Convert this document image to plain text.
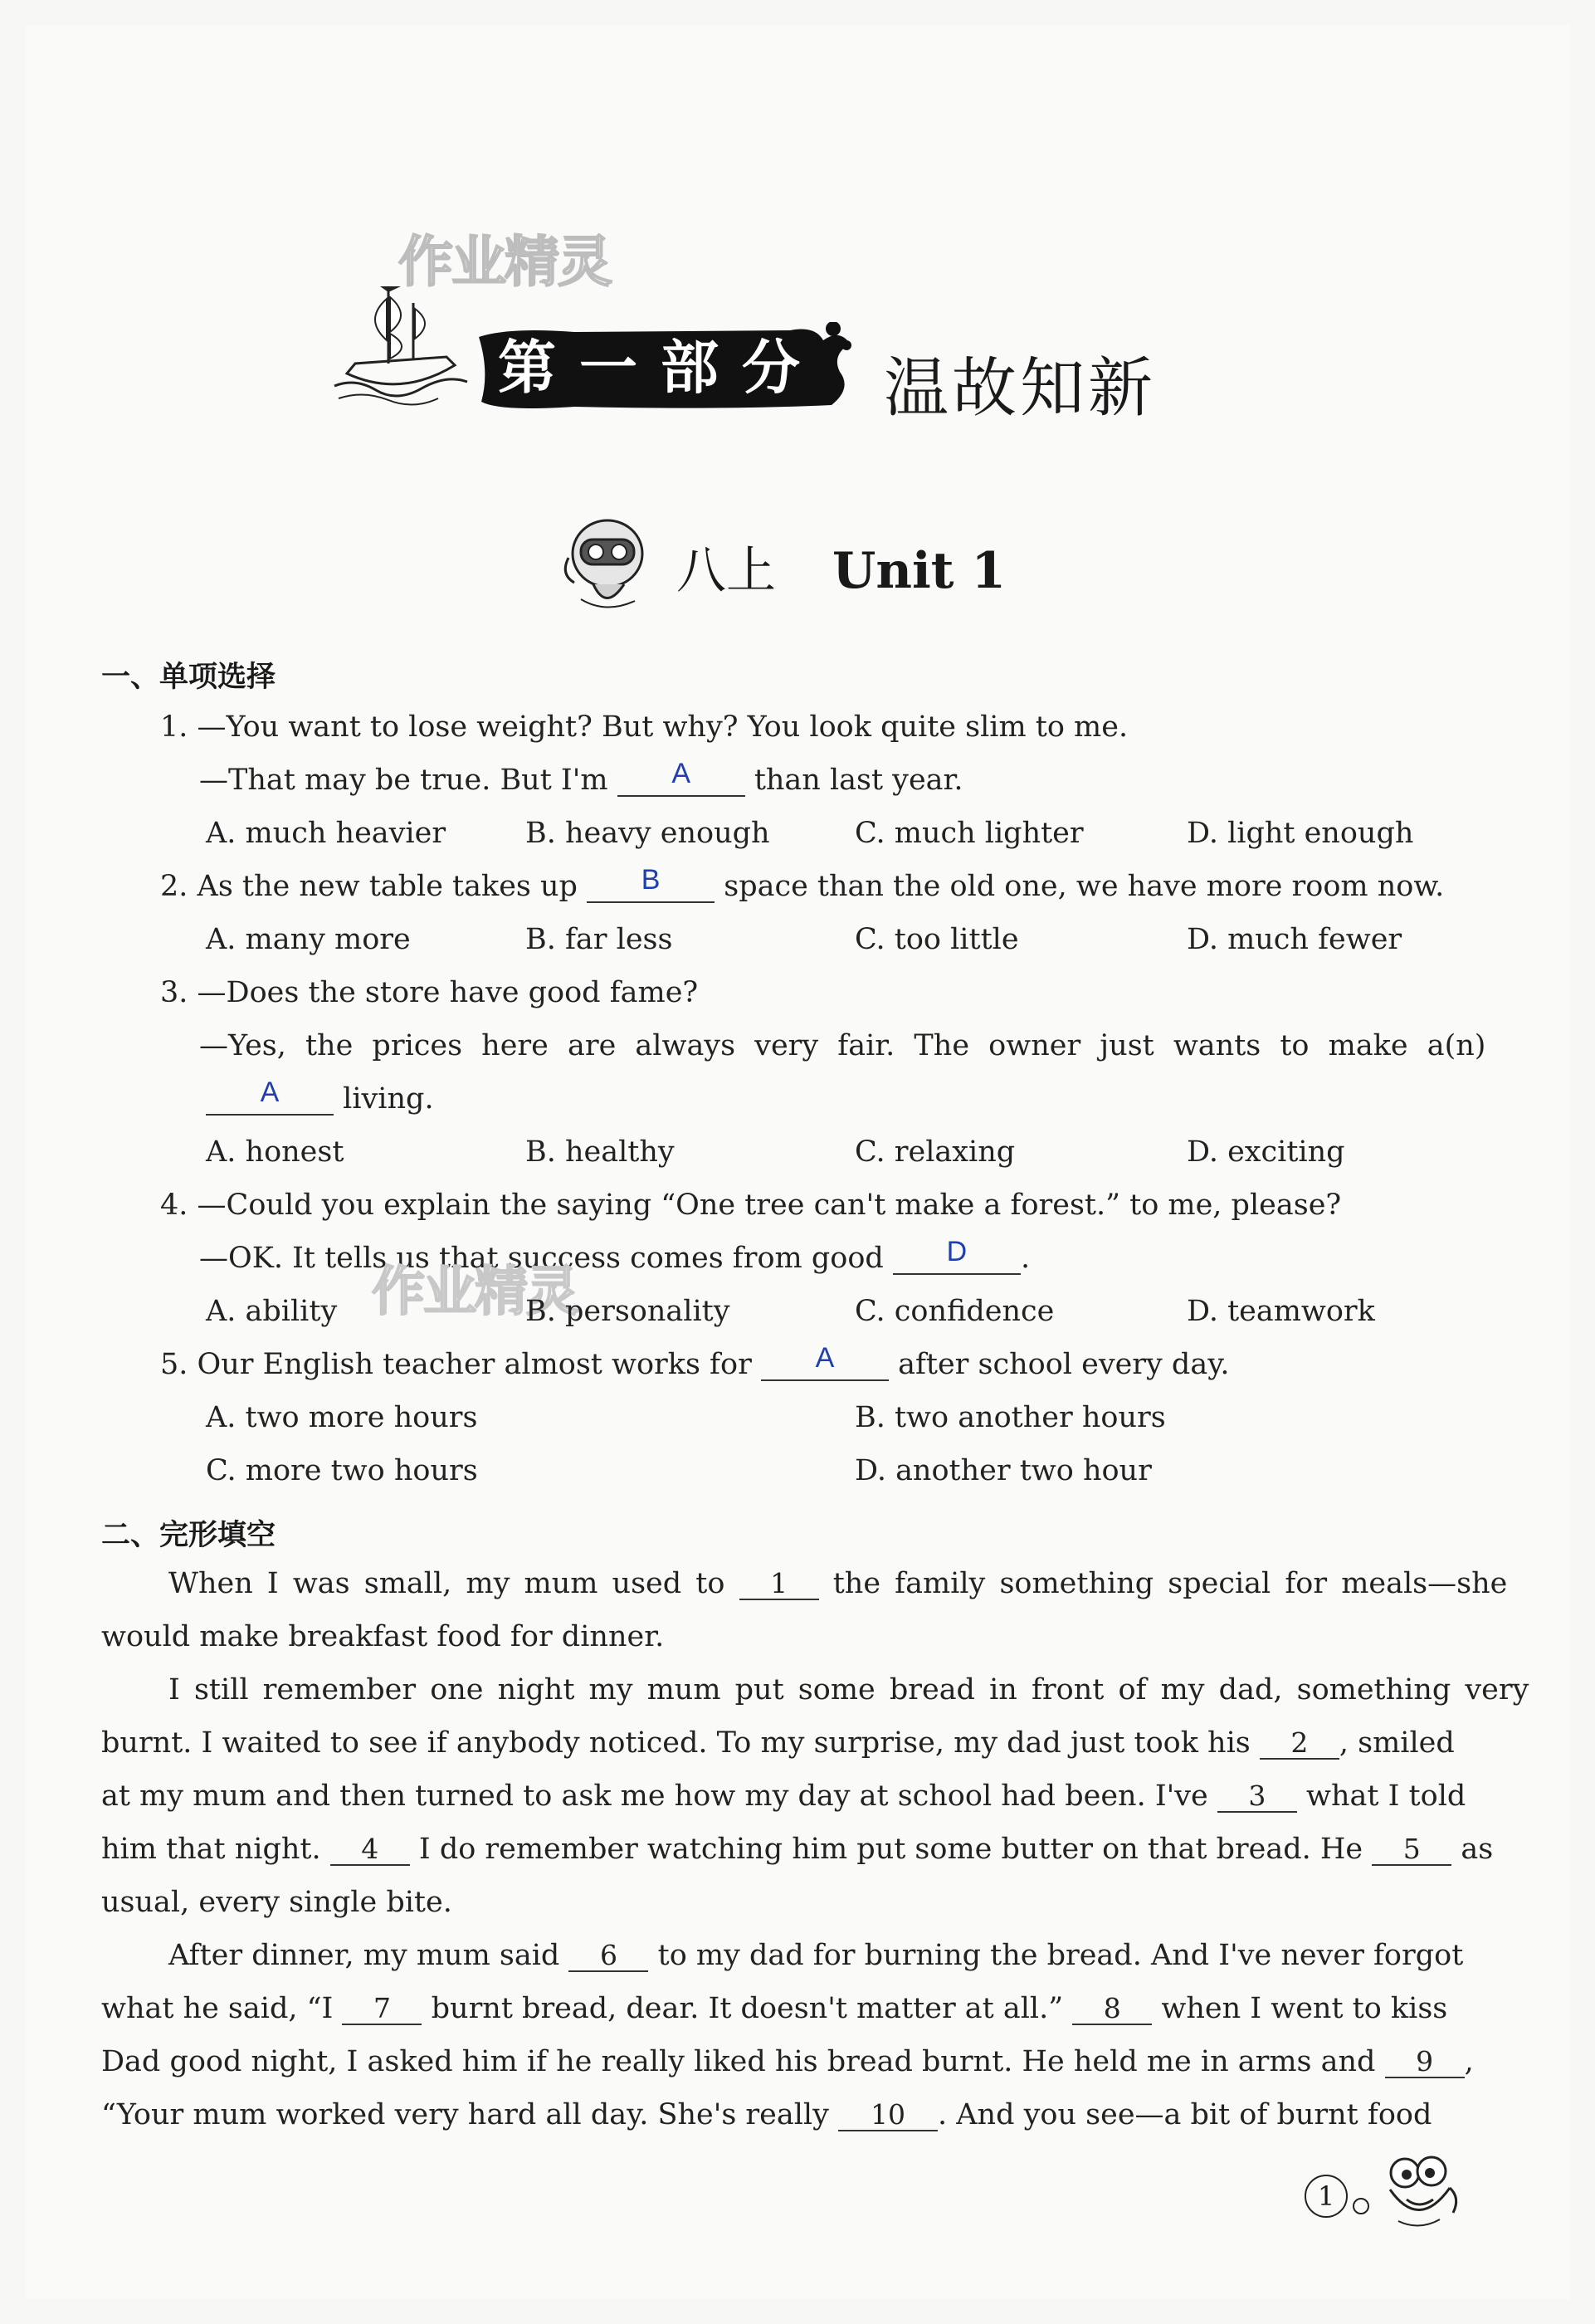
作业精灵
第一部分 温故知新
八上 Unit 1
一、单项选择
1. —You want to lose weight? But why? You look quite slim to me.
—That may be true. But I'm A than last year.
A. much heavier	B. heavy enough	C. much lighter	D. light enough
2. As the new table takes up B space than the old one, we have more room now.
A. many more	B. far less	C. too little	D. much fewer
3. —Does the store have good fame?
—Yes, the prices here are always very fair. The owner just wants to make a(n)
A living.
A. honest	B. healthy	C. relaxing	D. exciting
4. —Could you explain the saying “One tree can't make a forest.” to me, please?
—OK. It tells us that success comes from good D .
作业精灵
A. ability	B. personality	C. confidence	D. teamwork
5. Our English teacher almost works for A after school every day.
A. two more hours	B. two another hours
C. more two hours	D. another two hour
二、完形填空
When I was small, my mum used to 1 the family something special for meals—she
would make breakfast food for dinner.
I still remember one night my mum put some bread in front of my dad, something very
burnt. I waited to see if anybody noticed. To my surprise, my dad just took his 2 , smiled
at my mum and then turned to ask me how my day at school had been. I've 3 what I told
him that night. 4 I do remember watching him put some butter on that bread. He 5 as
usual, every single bite.
After dinner, my mum said 6 to my dad for burning the bread. And I've never forgot
what he said, “I 7 burnt bread, dear. It doesn't matter at all.” 8 when I went to kiss
Dad good night, I asked him if he really liked his bread burnt. He held me in arms and 9 ,
“Your mum worked very hard all day. She's really 10 . And you see—a bit of burnt food
1
